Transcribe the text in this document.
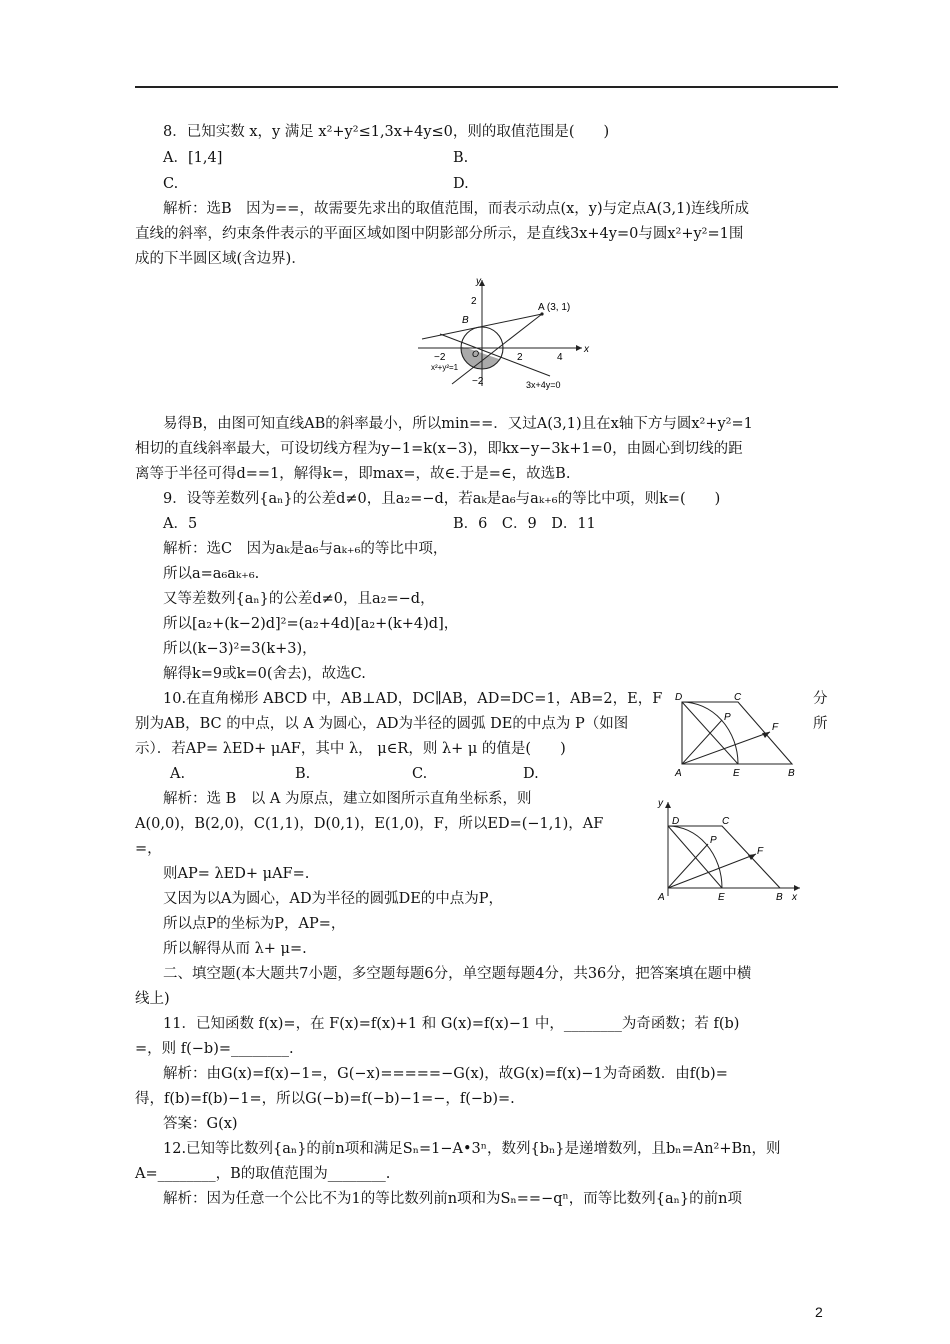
8．已知实数 x，y 满足 x²+y²≤1,3x+4y≤0，则的取值范围是(　　)
A．[1,4]	B.
C.	D.
解析：选B　因为==，故需要先求出的取值范围，而表示动点(x，y)与定点A(3,1)连线所成
直线的斜率，约束条件表示的平面区域如图中阴影部分所示，是直线3x+4y=0与圆x²+y²=1围
成的下半圆区域(含边界)．
y
x
2
−2	2	4
−2
A (3, 1)
B
O
x²+y²=1
3x+4y=0
易得B，由图可知直线AB的斜率最小，所以min==．又过A(3,1)且在x轴下方与圆x²+y²=1
相切的直线斜率最大，可设切线方程为y−1=k(x−3)，即kx−y−3k+1=0，由圆心到切线的距
离等于半径可得d==1，解得k=，即max=，故∈.于是=∈，故选B.
9．设等差数列{aₙ}的公差d≠0，且a₂=−d，若aₖ是a₆与aₖ₊₆的等比中项，则k=(　　)
A．5	B．6　C．9　D．11
解析：选C　因为aₖ是a₆与aₖ₊₆的等比中项，
所以a=a₆aₖ₊₆.
又等差数列{aₙ}的公差d≠0，且a₂=−d，
所以[a₂+(k−2)d]²=(a₂+4d)[a₂+(k+4)d]，
所以(k−3)²=3(k+3)，
解得k=9或k=0(舍去)，故选C.
10.在直角梯形 ABCD 中，AB⊥AD，DC∥AB，AD=DC=1，AB=2，E，F	分
别为AB，BC 的中点，以 A 为圆心，AD为半径的圆弧 DE的中点为 P（如图	所
示）．若AP= λED+ μAF，其中 λ， μ∈R，则 λ+ μ 的值是(　　)
A.	B.	C.	D.
D	C
P
F
A	E	B
解析：选 B　以 A 为原点，建立如图所示直角坐标系，则
A(0,0)，B(2,0)，C(1,1)，D(0,1)，E(1,0)，F，所以ED=(−1,1)，AF
=，
则AP= λED+ μAF=.
又因为以A为圆心，AD为半径的圆弧DE的中点为P，
所以点P的坐标为P，AP=，
所以解得从而 λ+ μ=.
y
D	C
P
F
A	E	B x
二、填空题(本大题共7小题，多空题每题6分，单空题每题4分，共36分，把答案填在题中横
线上)
11．已知函数 f(x)=，在 F(x)=f(x)+1 和 G(x)=f(x)−1 中，________为奇函数；若 f(b)
=，则 f(−b)=________.
解析：由G(x)=f(x)−1=，G(−x)=====−G(x)，故G(x)=f(x)−1为奇函数．由f(b)=
得，f(b)=f(b)−1=，所以G(−b)=f(−b)−1=−，f(−b)=.
答案：G(x)
12.已知等比数列{aₙ}的前n项和满足Sₙ=1−A•3ⁿ，数列{bₙ}是递增数列，且bₙ=An²+Bn，则
A=________，B的取值范围为________.
解析：因为任意一个公比不为1的等比数列前n项和为Sₙ==−qⁿ，而等比数列{aₙ}的前n项
2
